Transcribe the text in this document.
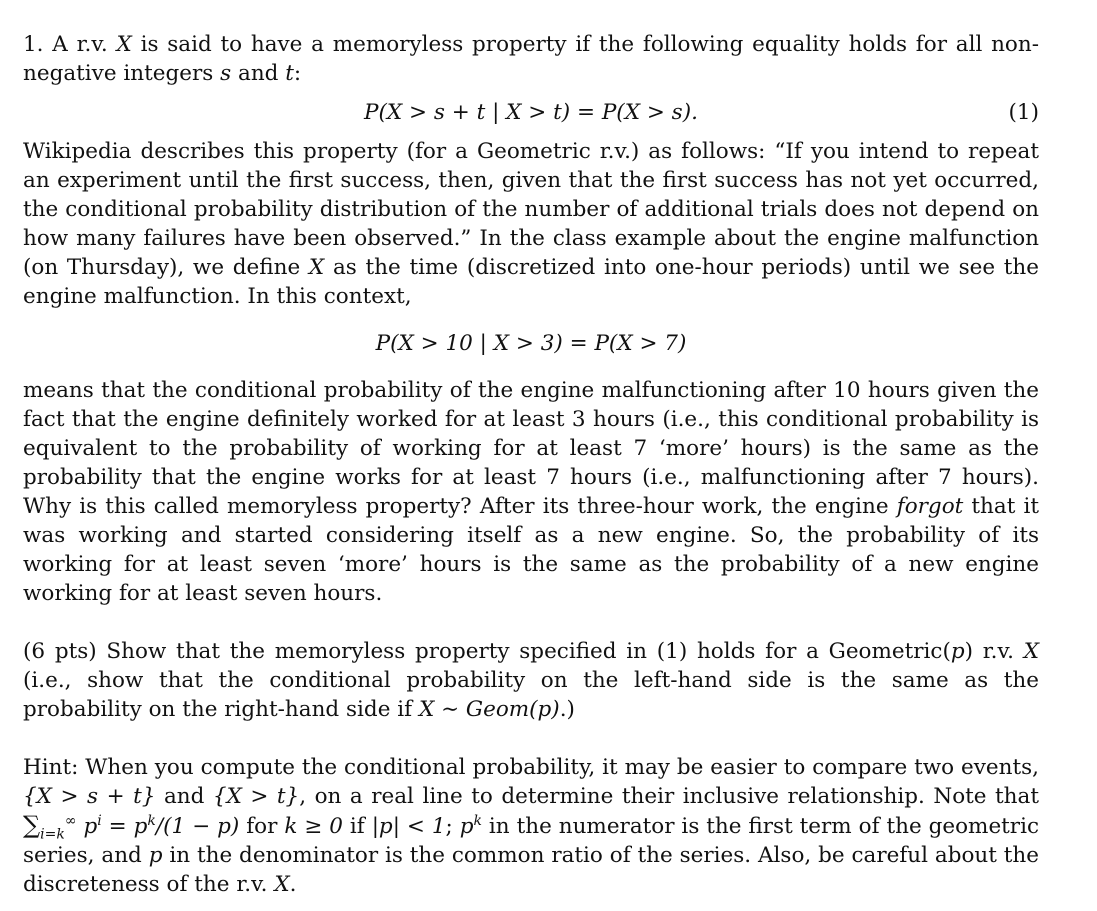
1. A r.v. X is said to have a memoryless property if the following equality holds for all non-negative integers s and t:

P(X > s + t | X > t) = P(X > s).	(1)

Wikipedia describes this property (for a Geometric r.v.) as follows: “If you intend to repeat an experiment until the first success, then, given that the first success has not yet occurred, the conditional probability distribution of the number of additional trials does not depend on how many failures have been observed.” In the class example about the engine malfunction (on Thursday), we define X as the time (discretized into one-hour periods) until we see the engine malfunction. In this context,

P(X > 10 | X > 3) = P(X > 7)

means that the conditional probability of the engine malfunctioning after 10 hours given the fact that the engine definitely worked for at least 3 hours (i.e., this conditional probability is equivalent to the probability of working for at least 7 ‘more’ hours) is the same as the probability that the engine works for at least 7 hours (i.e., malfunctioning after 7 hours). Why is this called memoryless property? After its three-hour work, the engine forgot that it was working and started considering itself as a new engine. So, the probability of its working for at least seven ‘more’ hours is the same as the probability of a new engine working for at least seven hours.

(6 pts) Show that the memoryless property specified in (1) holds for a Geometric(p) r.v. X (i.e., show that the conditional probability on the left-hand side is the same as the probability on the right-hand side if X ∼ Geom(p).)

Hint: When you compute the conditional probability, it may be easier to compare two events, {X > s + t} and {X > t}, on a real line to determine their inclusive relationship. Note that $\sum_{i=k}^\infty$ $p^i = p^k/(1 - p)$ for k ≥ 0 if |p| < 1; $p^k$ in the numerator is the first term of the geometric series, and p in the denominator is the common ratio of the series. Also, be careful about the discreteness of the r.v. X.
